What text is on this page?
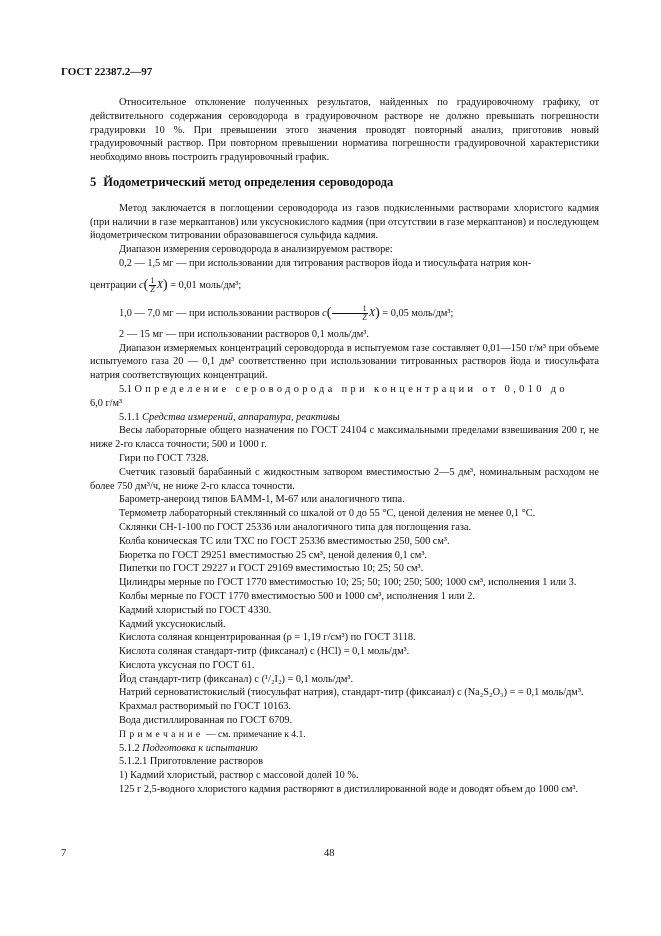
ГОСТ 22387.2—97

Относительное отклонение полученных результатов, найденных по градуировочному графику, от действительного содержания сероводорода в градуировочном растворе не должно превышать погрешности градуировки 10 %. При превышении этого значения проводят повторный анализ, приготовив новый градуировочный раствор. При повторном превышении норматива погрешности градуировочной характеристики необходимо вновь построить градуировочный график.

5 Йодометрический метод определения сероводорода

Метод заключается в поглощении сероводорода из газов подкисленными растворами хлористого кадмия (при наличии в газе меркаптанов) или уксуснокислого кадмия (при отсутствии в газе меркаптанов) и последующем йодометрическом титровании образовавшегося сульфида кадмия.

Диапазон измерения сероводорода в анализируемом растворе:

0,2 — 1,5 мг — при использовании для титрования растворов йода и тиосульфата натрия кон-

центрации $c( \frac{1}{Z} X) = 0,01$ моль/дм³;

1,0 — 7,0 мг — при использовании растворов $c( \frac{1}{Z} X) = 0,05$ моль/дм³;

2 — 15 мг — при использовании растворов 0,1 моль/дм³.

Диапазон измеряемых концентраций сероводорода в испытуемом газе составляет 0,01—150 г/м³ при объеме испытуемого газа 20 — 0,1 дм³ соответственно при использовании титрованных растворов йода и тиосульфата натрия соответствующих концентраций.

5.1 Определение сероводорода при концентрации от 0,010 до

6,0 г/м³

5.1.1 Средства измерений, аппаратура, реактивы

Весы лабораторные общего назначения по ГОСТ 24104 с максимальными пределами взвешивания 200 г, не ниже 2-го класса точности; 500 и 1000 г.

Гири по ГОСТ 7328.

Счетчик газовый барабанный с жидкостным затвором вместимостью 2—5 дм³, номинальным расходом не более 750 дм³/ч, не ниже 2-го класса точности.

Барометр-анероид типов БАММ-1, М-67 или аналогичного типа.

Термометр лабораторный стеклянный со шкалой от 0 до 55 °С, ценой деления не менее 0,1 °С.

Склянки СН-1-100 по ГОСТ 25336 или аналогичного типа для поглощения газа.

Колба коническая ТС или ТХС по ГОСТ 25336 вместимостью 250, 500 см³.

Бюретка по ГОСТ 29251 вместимостью 25 см³, ценой деления 0,1 см³.

Пипетки по ГОСТ 29227 и ГОСТ 29169 вместимостью 10; 25; 50 см³.

Цилиндры мерные по ГОСТ 1770 вместимостью 10; 25; 50; 100; 250; 500; 1000 см³, исполнения 1 или 3.

Колбы мерные по ГОСТ 1770 вместимостью 500 и 1000 см³, исполнения 1 или 2.

Кадмий хлористый по ГОСТ 4330.

Кадмий уксуснокислый.

Кислота соляная концентрированная (ρ = 1,19 г/см³) по ГОСТ 3118.

Кислота соляная стандарт-титр (фиксанал) с (HCl) = 0,1 моль/дм³.

Кислота уксусная по ГОСТ 61.

Йод стандарт-титр (фиксанал) с (¹/₂I₂) = 0,1 моль/дм³.

Натрий серноватистокислый (тиосульфат натрия), стандарт-титр (фиксанал) с (Na₂S₂O₃) = = 0,1 моль/дм³.

Крахмал растворимый по ГОСТ 10163.

Вода дистиллированная по ГОСТ 6709.

Примечание — см. примечание к 4.1.

5.1.2 Подготовка к испытанию

5.1.2.1 Приготовление растворов

1) Кадмий хлористый, раствор с массовой долей 10 %.

125 г 2,5-водного хлористого кадмия растворяют в дистиллированной воде и доводят объем до 1000 см³.

7	48
